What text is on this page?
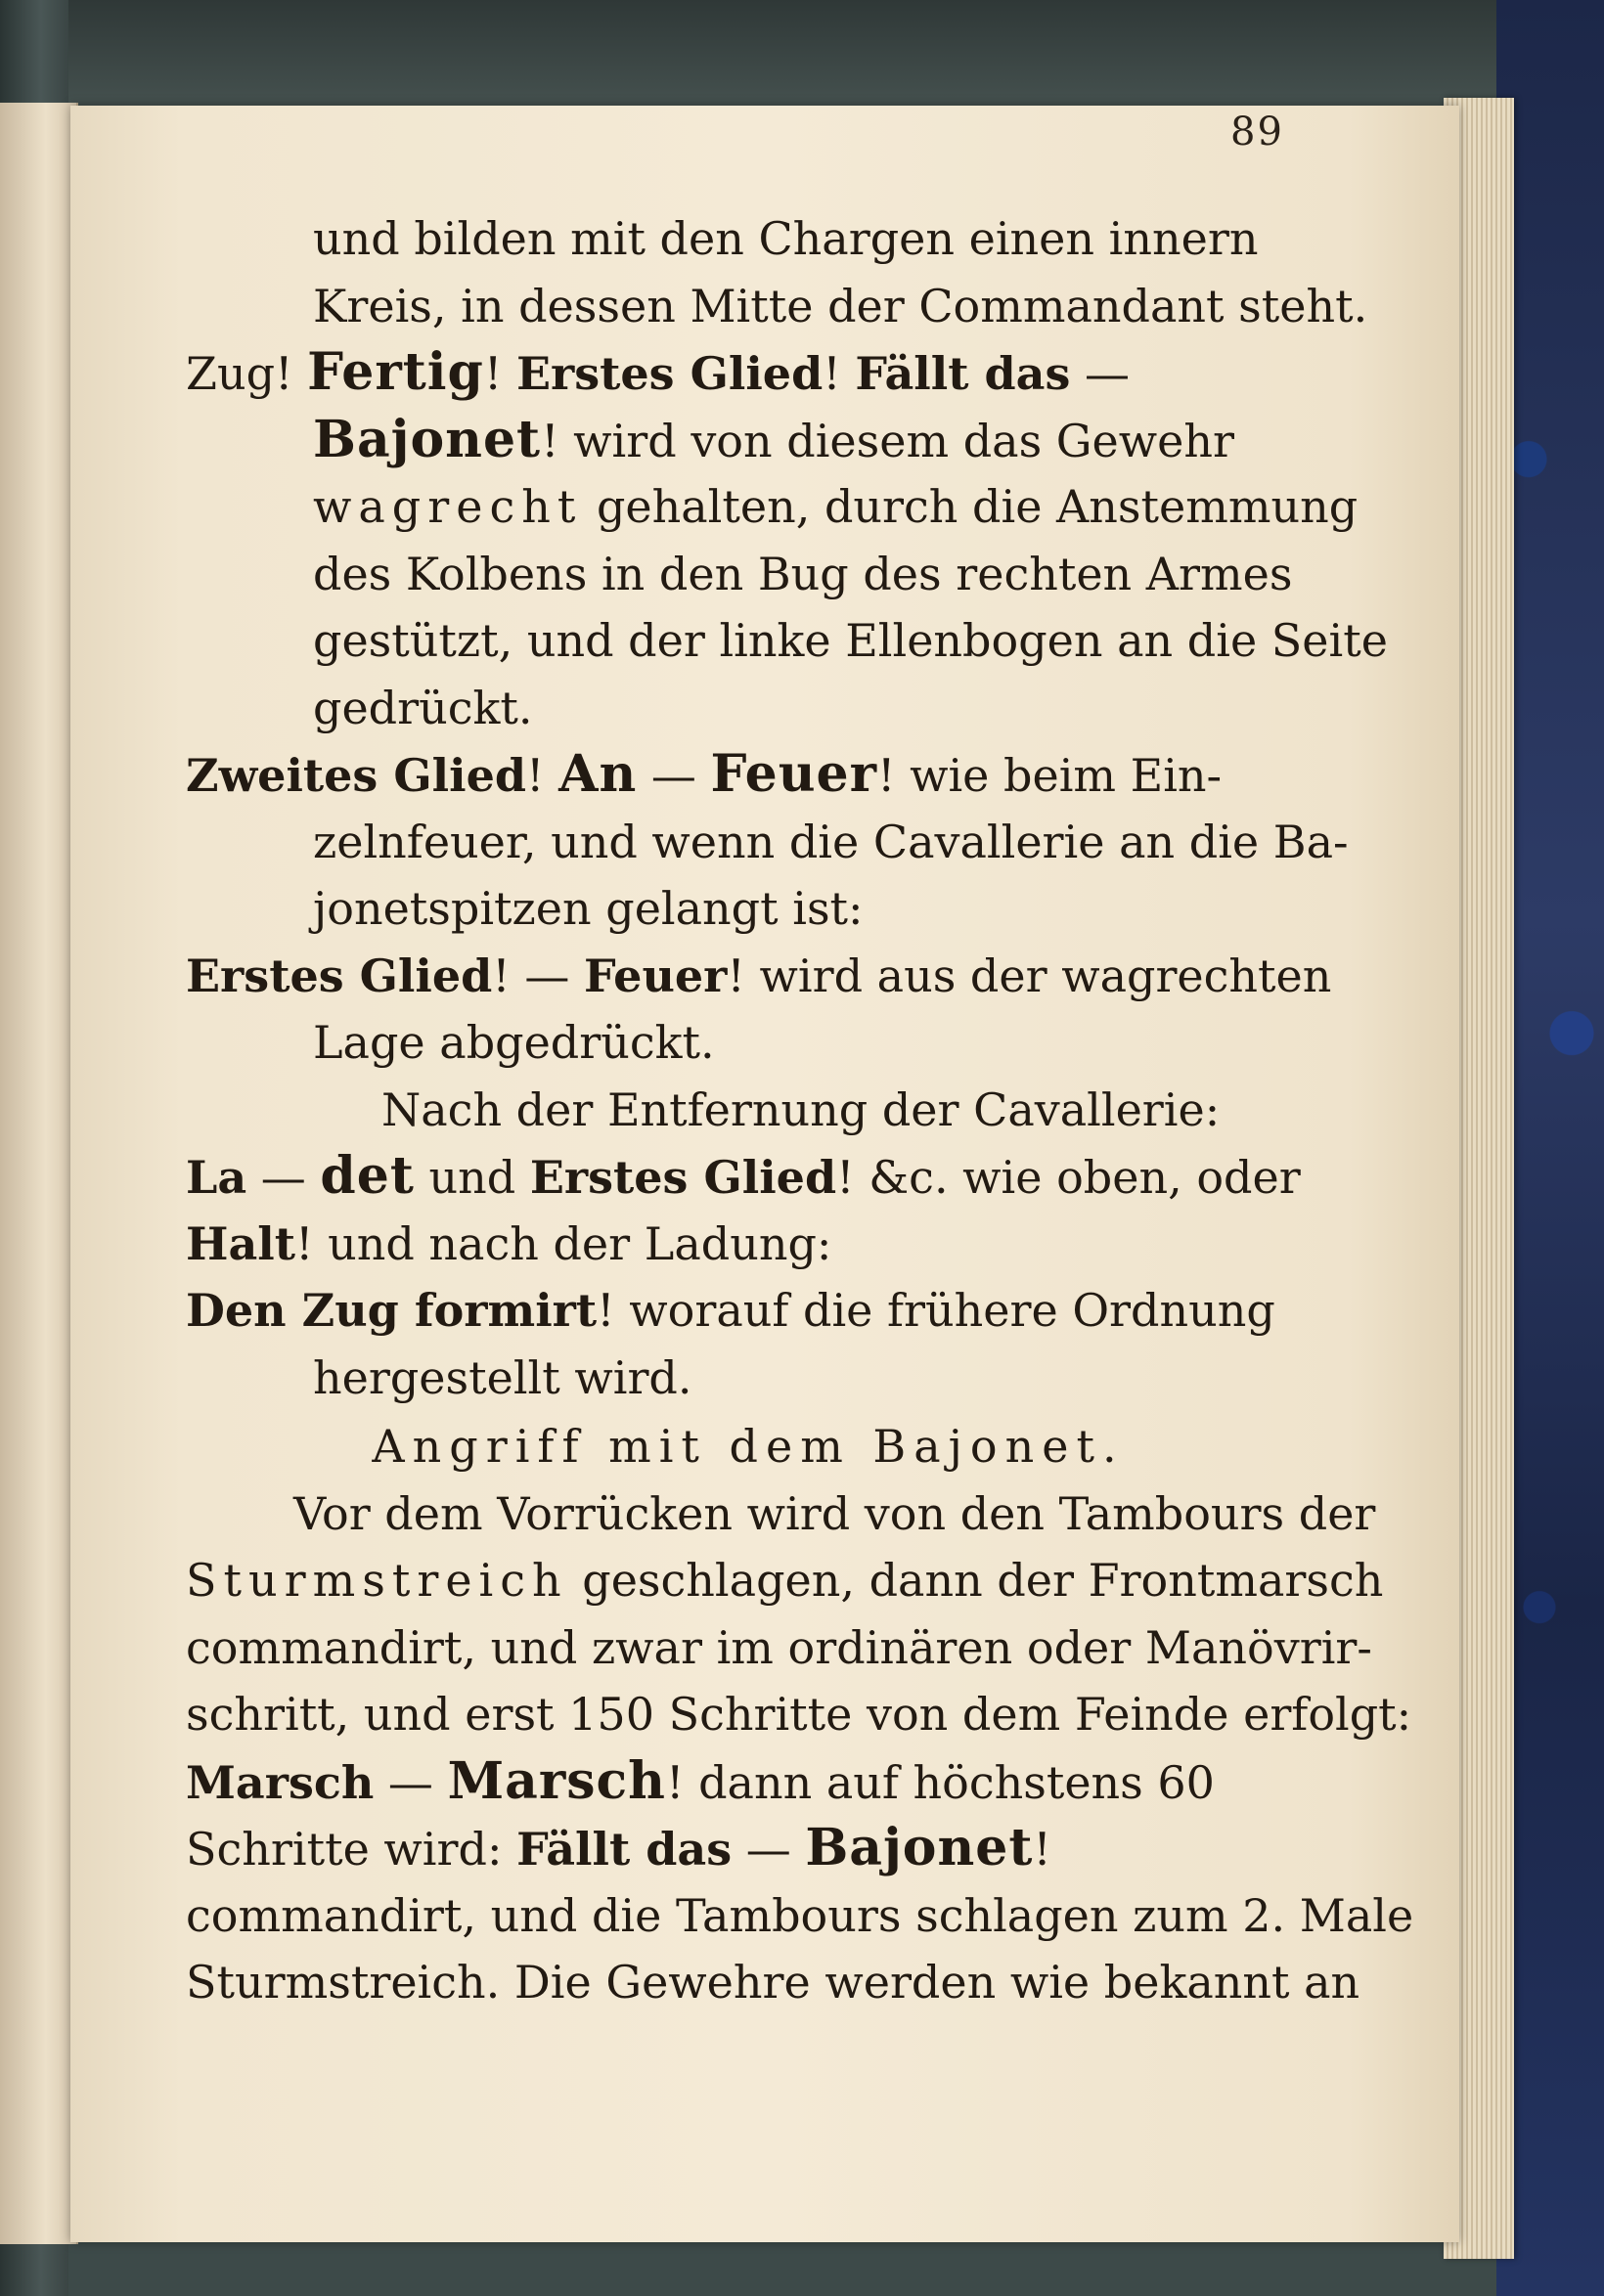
89
und bilden mit den Chargen einen innern
Kreis, in dessen Mitte der Commandant steht.
Zug! Fertig! Erstes Glied! Fällt das —
Bajonet! wird von diesem das Gewehr
wagrecht gehalten, durch die Anstemmung
des Kolbens in den Bug des rechten Armes
gestützt, und der linke Ellenbogen an die Seite
gedrückt.
Zweites Glied! An — Feuer! wie beim Ein-
zelnfeuer, und wenn die Cavallerie an die Ba-
jonetspitzen gelangt ist:
Erstes Glied! — Feuer! wird aus der wagrechten
Lage abgedrückt.
Nach der Entfernung der Cavallerie:
La — det und Erstes Glied! &c. wie oben, oder
Halt! und nach der Ladung:
Den Zug formirt! worauf die frühere Ordnung
hergestellt wird.
Angriff mit dem Bajonet.
Vor dem Vorrücken wird von den Tambours der
Sturmstreich geschlagen, dann der Frontmarsch
commandirt, und zwar im ordinären oder Manövrir-
schritt, und erst 150 Schritte von dem Feinde erfolgt:
Marsch — Marsch! dann auf höchstens 60
Schritte wird: Fällt das — Bajonet!
commandirt, und die Tambours schlagen zum 2. Male
Sturmstreich. Die Gewehre werden wie bekannt an
